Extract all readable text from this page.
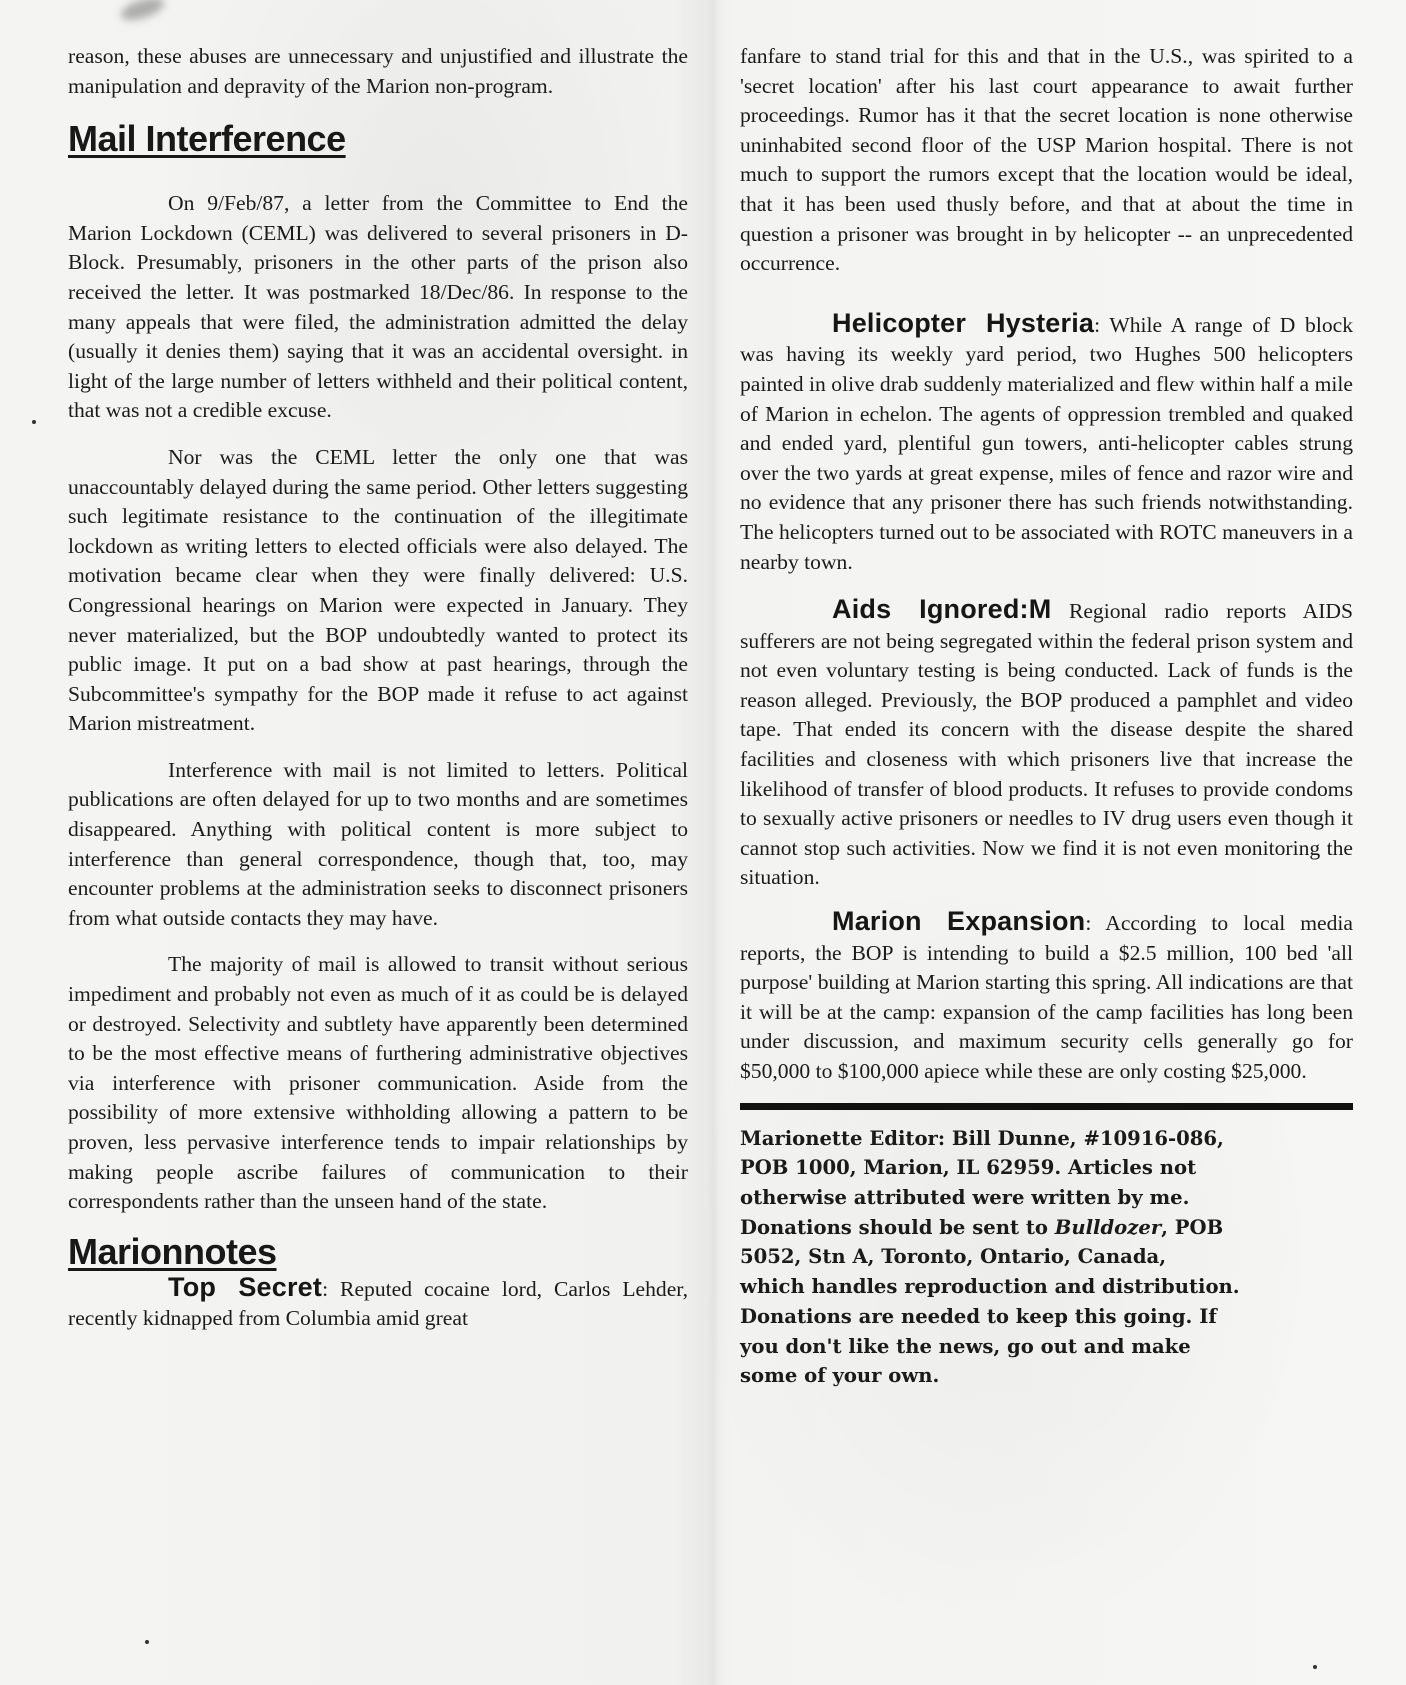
reason, these abuses are unnecessary and unjustified and illustrate the manipulation and depravity of the Marion non-program.

Mail Interference

On 9/Feb/87, a letter from the Committee to End the Marion Lockdown (CEML) was delivered to several prisoners in D-Block. Presumably, prisoners in the other parts of the prison also received the letter. It was postmarked 18/Dec/86. In response to the many appeals that were filed, the administration admitted the delay (usually it denies them) saying that it was an accidental oversight. in light of the large number of letters withheld and their political content, that was not a credible excuse.

Nor was the CEML letter the only one that was unaccountably delayed during the same period. Other letters suggesting such legitimate resistance to the continuation of the illegitimate lockdown as writing letters to elected officials were also delayed. The motivation became clear when they were finally delivered: U.S. Congressional hearings on Marion were expected in January. They never materialized, but the BOP undoubtedly wanted to protect its public image. It put on a bad show at past hearings, through the Subcommittee's sympathy for the BOP made it refuse to act against Marion mistreatment.

Interference with mail is not limited to letters. Political publications are often delayed for up to two months and are sometimes disappeared. Anything with political content is more subject to interference than general correspondence, though that, too, may encounter problems at the administration seeks to disconnect prisoners from what outside contacts they may have.

The majority of mail is allowed to transit without serious impediment and probably not even as much of it as could be is delayed or destroyed. Selectivity and subtlety have apparently been determined to be the most effective means of furthering administrative objectives via interference with prisoner communication. Aside from the possibility of more extensive withholding allowing a pattern to be proven, less pervasive interference tends to impair relationships by making people ascribe failures of communication to their correspondents rather than the unseen hand of the state.

Marionnotes

Top Secret: Reputed cocaine lord, Carlos Lehder, recently kidnapped from Columbia amid great

fanfare to stand trial for this and that in the U.S., was spirited to a 'secret location' after his last court appearance to await further proceedings. Rumor has it that the secret location is none otherwise uninhabited second floor of the USP Marion hospital. There is not much to support the rumors except that the location would be ideal, that it has been used thusly before, and that at about the time in question a prisoner was brought in by helicopter -- an unprecedented occurrence.

Helicopter Hysteria: While A range of D block was having its weekly yard period, two Hughes 500 helicopters painted in olive drab suddenly materialized and flew within half a mile of Marion in echelon. The agents of oppression trembled and quaked and ended yard, plentiful gun towers, anti-helicopter cables strung over the two yards at great expense, miles of fence and razor wire and no evidence that any prisoner there has such friends notwithstanding. The helicopters turned out to be associated with ROTC maneuvers in a nearby town.

Aids Ignored:M Regional radio reports AIDS sufferers are not being segregated within the federal prison system and not even voluntary testing is being conducted. Lack of funds is the reason alleged. Previously, the BOP produced a pamphlet and video tape. That ended its concern with the disease despite the shared facilities and closeness with which prisoners live that increase the likelihood of transfer of blood products. It refuses to provide condoms to sexually active prisoners or needles to IV drug users even though it cannot stop such activities. Now we find it is not even monitoring the situation.

Marion Expansion: According to local media reports, the BOP is intending to build a $2.5 million, 100 bed 'all purpose' building at Marion starting this spring. All indications are that it will be at the camp: expansion of the camp facilities has long been under discussion, and maximum security cells generally go for $50,000 to $100,000 apiece while these are only costing $25,000.

Marionette Editor: Bill Dunne, #10916-086,
POB 1000, Marion, IL 62959. Articles not
otherwise attributed were written by me.
Donations should be sent to Bulldozer, POB
5052, Stn A, Toronto, Ontario, Canada,
which handles reproduction and distribution.
Donations are needed to keep this going. If
you don't like the news, go out and make
some of your own.
